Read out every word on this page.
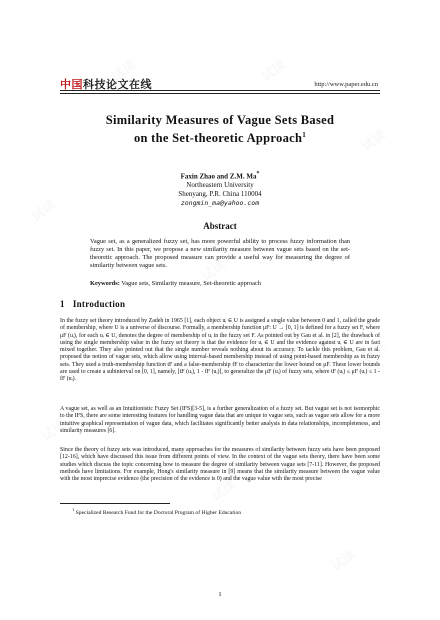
试读	试读
试读
试读
试读
试读
试读
试读
试读
中国科技论文在线	http://www.paper.edu.cn
Similarity Measures of Vague Sets Based
on the Set-theoretic Approach$^1$
Faxin Zhao and Z.M. Ma*
Northeastern University
Shenyang, P.R. China 110004
zongmin_ma@yahoo.com
Abstract
Vague set, as a generalized fuzzy set, has more powerful ability to process fuzzy information than fuzzy set. In this paper, we propose a new similarity measure between vague sets based on the set-theoretic approach. The proposed measure can provide a useful way for measuring the degree of similarity between vague sets.
Keywords: Vague sets, Similarity measure, Set-theoretic approach
1 Introduction
In the fuzzy set theory introduced by Zadeh in 1965 [1], each object uᵢ ∈ U is assigned a single value between 0 and 1, called the grade of membership, where U is a universe of discourse. Formally, a membership function μF: U → [0, 1] is defined for a fuzzy set F, where μF (uᵢ), for each uᵢ ∈ U, denotes the degree of membership of uᵢ in the fuzzy set F. As pointed out by Gau et al. in [2], the drawback of using the single membership value in the fuzzy set theory is that the evidence for uᵢ ∈ U and the evidence against uᵢ ∈ U are in fact mixed together. They also pointed out that the single number reveals nothing about its accuracy. To tackle this problem, Gau et al. proposed the notion of vague sets, which allow using interval-based membership instead of using point-based membership as in fuzzy sets. They used a truth-membership function tF and a false-membership fF to characterize the lower bound on μF. These lower bounds are used to create a subinterval on [0, 1], namely, [tF (uᵢ), 1 - fF (uᵢ)], to generalize the μF (uᵢ) of fuzzy sets, where tF (uᵢ) ≤ μF (uᵢ) ≤ 1 - fF (uᵢ).
A vague set, as well as an Intuitionistic Fuzzy Set (IFS)[3-5], is a further generalization of a fuzzy set. But vague set is not isomorphic to the IFS, there are some interesting features for handling vague data that are unique to vague sets, such as vague sets allow for a more intuitive graphical representation of vague data, which facilitates significantly better analysis in data relationships, incompleteness, and similarity measures [6].
Since the theory of fuzzy sets was introduced, many approaches for the measures of similarity between fuzzy sets have been proposed [12-16], which have discussed this issue from different points of view. In the context of the vague sets theory, there have been some studies which discuss the topic concerning how to measure the degree of similarity between vague sets [7-11]. However, the proposed methods have limitations. For example, Hong's similarity measure in [9] means that the similarity measure between the vague value with the most imprecise evidence (the precision of the evidence is 0) and the vague value with the most precise
$^1$ Specialized Research Fund for the Doctoral Program of Higher Education
1
